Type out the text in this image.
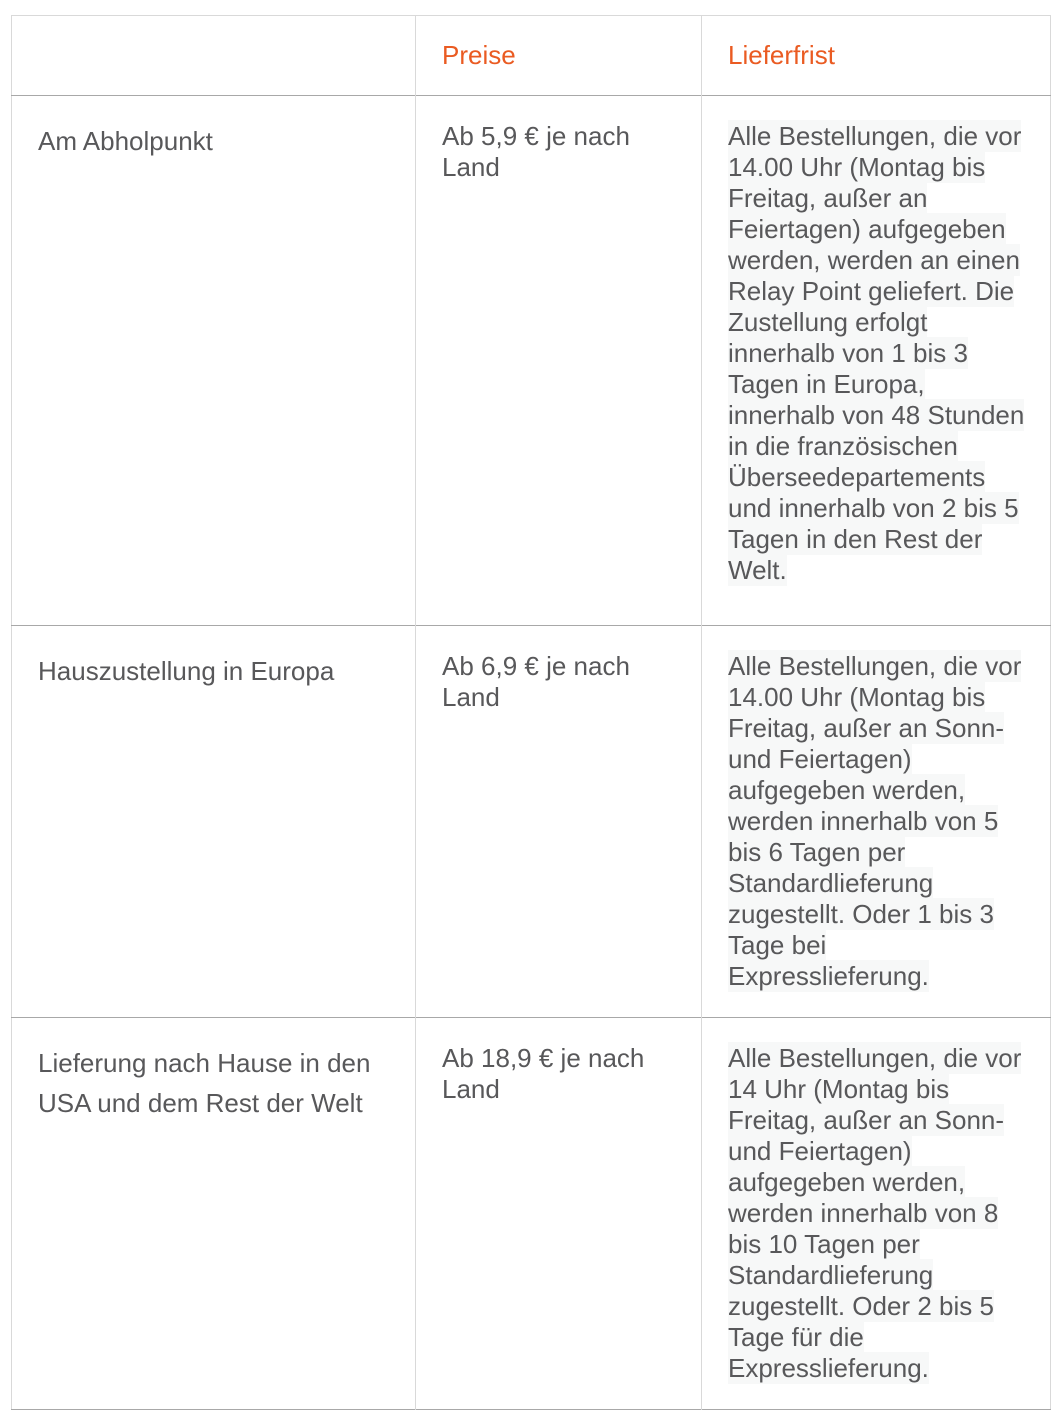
	Preise	Lieferfrist

Am Abholpunkt	Ab 5,9 € je nach Land	Alle Bestellungen, die vor 14.00 Uhr (Montag bis Freitag, außer an Feiertagen) aufgegeben werden, werden an einen Relay Point geliefert. Die Zustellung erfolgt innerhalb von 1 bis 3 Tagen in Europa, innerhalb von 48 Stunden in die französischen Überseedepartements und innerhalb von 2 bis 5 Tagen in den Rest der Welt.

Hauszustellung in Europa	Ab 6,9 € je nach Land	Alle Bestellungen, die vor 14.00 Uhr (Montag bis Freitag, außer an Sonn- und Feiertagen) aufgegeben werden, werden innerhalb von 5 bis 6 Tagen per Standardlieferung zugestellt. Oder 1 bis 3 Tage bei Expresslieferung.

Lieferung nach Hause in den USA und dem Rest der Welt	Ab 18,9 € je nach Land	Alle Bestellungen, die vor 14 Uhr (Montag bis Freitag, außer an Sonn- und Feiertagen) aufgegeben werden, werden innerhalb von 8 bis 10 Tagen per Standardlieferung zugestellt. Oder 2 bis 5 Tage für die Expresslieferung.
